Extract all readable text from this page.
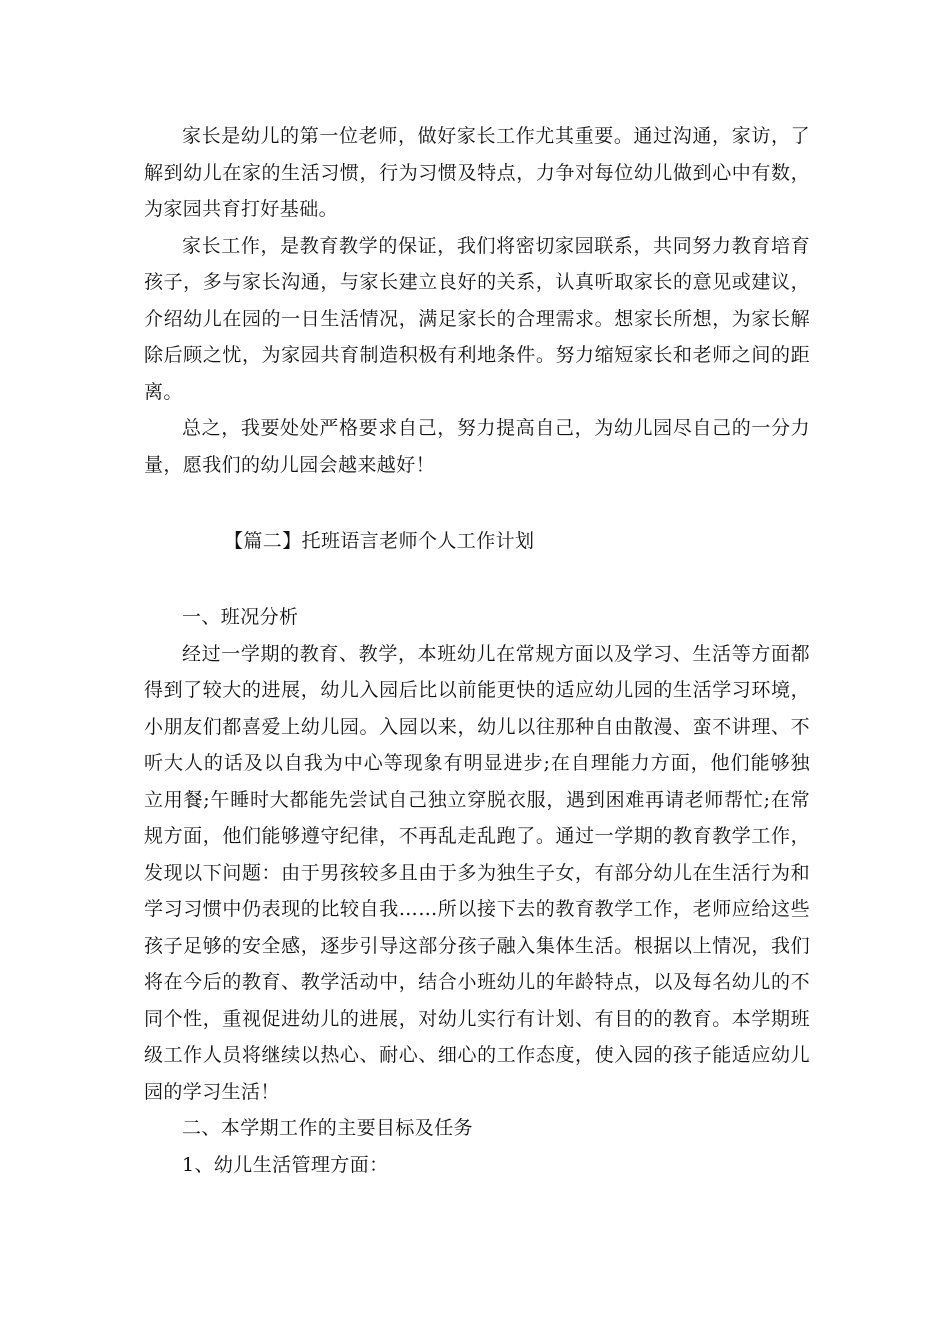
家长是幼儿的第一位老师，做好家长工作尤其重要。通过沟通，家访，了解到幼儿在家的生活习惯，行为习惯及特点，力争对每位幼儿做到心中有数，为家园共育打好基础。

家长工作，是教育教学的保证，我们将密切家园联系，共同努力教育培育孩子，多与家长沟通，与家长建立良好的关系，认真听取家长的意见或建议，介绍幼儿在园的一日生活情况，满足家长的合理需求。想家长所想，为家长解除后顾之忧，为家园共育制造积极有利地条件。努力缩短家长和老师之间的距离。

总之，我要处处严格要求自己，努力提高自己，为幼儿园尽自己的一分力量，愿我们的幼儿园会越来越好！

【篇二】托班语言老师个人工作计划

一、班况分析

经过一学期的教育、教学，本班幼儿在常规方面以及学习、生活等方面都得到了较大的进展，幼儿入园后比以前能更快的适应幼儿园的生活学习环境，小朋友们都喜爱上幼儿园。入园以来，幼儿以往那种自由散漫、蛮不讲理、不听大人的话及以自我为中心等现象有明显进步;在自理能力方面，他们能够独立用餐;午睡时大都能先尝试自己独立穿脱衣服，遇到困难再请老师帮忙;在常规方面，他们能够遵守纪律，不再乱走乱跑了。通过一学期的教育教学工作，发现以下问题：由于男孩较多且由于多为独生子女，有部分幼儿在生活行为和学习习惯中仍表现的比较自我……所以接下去的教育教学工作，老师应给这些孩子足够的安全感，逐步引导这部分孩子融入集体生活。根据以上情况，我们将在今后的教育、教学活动中，结合小班幼儿的年龄特点，以及每名幼儿的不同个性，重视促进幼儿的进展，对幼儿实行有计划、有目的的教育。本学期班级工作人员将继续以热心、耐心、细心的工作态度，使入园的孩子能适应幼儿园的学习生活！

二、本学期工作的主要目标及任务

1、幼儿生活管理方面：
